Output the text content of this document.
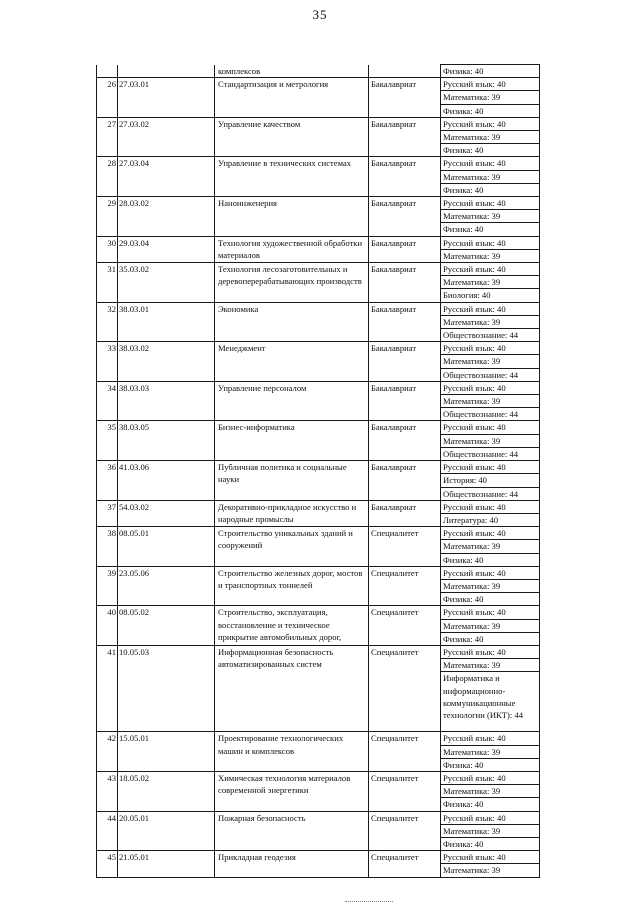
35
		комплексов		Физика: 40
26	27.03.01	Стандартизация и метрология	Бакалавриат	Русский язык: 40
				Математика: 39
				Физика: 40
27	27.03.02	Управление качеством	Бакалавриат	Русский язык: 40
				Математика: 39
				Физика: 40
28	27.03.04	Управление в технических системах	Бакалавриат	Русский язык: 40
				Математика: 39
				Физика: 40
29	28.03.02	Наноинженерия	Бакалавриат	Русский язык: 40
				Математика: 39
				Физика: 40
30	29.03.04	Технология художественной обработки материалов	Бакалавриат	Русский язык: 40
				Математика: 39
31	35.03.02	Технология лесозаготовительных и деревоперерабатывающих производств	Бакалавриат	Русский язык: 40
				Математика: 39
				Биология: 40
32	38.03.01	Экономика	Бакалавриат	Русский язык: 40
				Математика: 39
				Обществознание: 44
33	38.03.02	Менеджмент	Бакалавриат	Русский язык: 40
				Математика: 39
				Обществознание: 44
34	38.03.03	Управление персоналом	Бакалавриат	Русский язык: 40
				Математика: 39
				Обществознание: 44
35	38.03.05	Бизнес-информатика	Бакалавриат	Русский язык: 40
				Математика: 39
				Обществознание: 44
36	41.03.06	Публичная политика и социальные науки	Бакалавриат	Русский язык: 40
				История: 40
				Обществознание: 44
37	54.03.02	Декоративно-прикладное искусство и народные промыслы	Бакалавриат	Русский язык: 40
				Литература: 40
38	08.05.01	Строительство уникальных зданий и сооружений	Специалитет	Русский язык: 40
				Математика: 39
				Физика: 40
39	23.05.06	Строительство железных дорог, мостов и транспортных тоннелей	Специалитет	Русский язык: 40
				Математика: 39
				Физика: 40
40	08.05.02	Строительство, эксплуатация, восстановление и техническое прикрытие автомобильных дорог,	Специалитет	Русский язык: 40
				Математика: 39
				Физика: 40
41	10.05.03	Информационная безопасность автоматизированных систем	Специалитет	Русский язык: 40
				Математика: 39
				Информатика и информационно-коммуникационные технологии (ИКТ): 44
42	15.05.01	Проектирование технологических машин и комплексов	Специалитет	Русский язык: 40
				Математика: 39
				Физика: 40
43	18.05.02	Химическая технология материалов современной энергетики	Специалитет	Русский язык: 40
				Математика: 39
				Физика: 40
44	20.05.01	Пожарная безопасность	Специалитет	Русский язык: 40
				Математика: 39
				Физика: 40
45	21.05.01	Прикладная геодезия	Специалитет	Русский язык: 40
				Математика: 39
